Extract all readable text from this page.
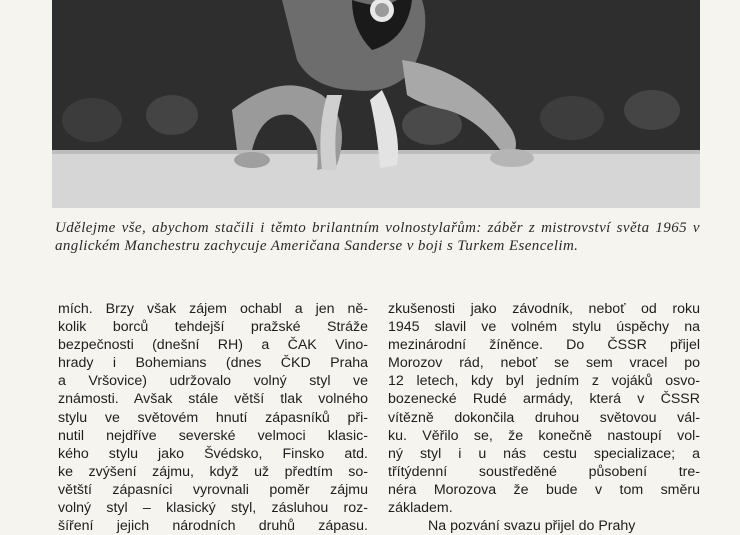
Udělejme vše, abychom stačili i těmto brilantním volnostylařům: záběr z mistrovství světa 1965 v anglickém Manchestru zachycuje Američana Sanderse v boji s Turkem Esencelim.

mích. Brzy však zájem ochabl a jen ně-
kolik borců tehdejší pražské Stráže
bezpečnosti (dnešní RH) a ČAK Vino-
hrady i Bohemians (dnes ČKD Praha
a Vršovice) udržovalo volný styl ve
známosti. Avšak stále větší tlak volného
stylu ve světovém hnutí zápasníků při-
nutil nejdříve severské velmoci klasic-
kého stylu jako Švédsko, Finsko atd.
ke zvýšení zájmu, když už předtím so-
větští zápasníci vyrovnali poměr zájmu
volný styl – klasický styl, zásluhou roz-
šíření jejich národních druhů zápasu.
zkušenosti jako závodník, neboť od roku
1945 slavil ve volném stylu úspěchy na
mezinárodní žíněnce. Do ČSSR přijel
Morozov rád, neboť se sem vracel po
12 letech, kdy byl jedním z vojáků osvo-
bozenecké Rudé armády, která v ČSSR
vítězně dokončila druhou světovou vál-
ku. Věřilo se, že konečně nastoupí vol-
ný styl i u nás cestu specializace; a
třítýdenní soustředěné působení tre-
néra Morozova že bude v tom směru
základem.
Na pozvání svazu přijel do Prahy
